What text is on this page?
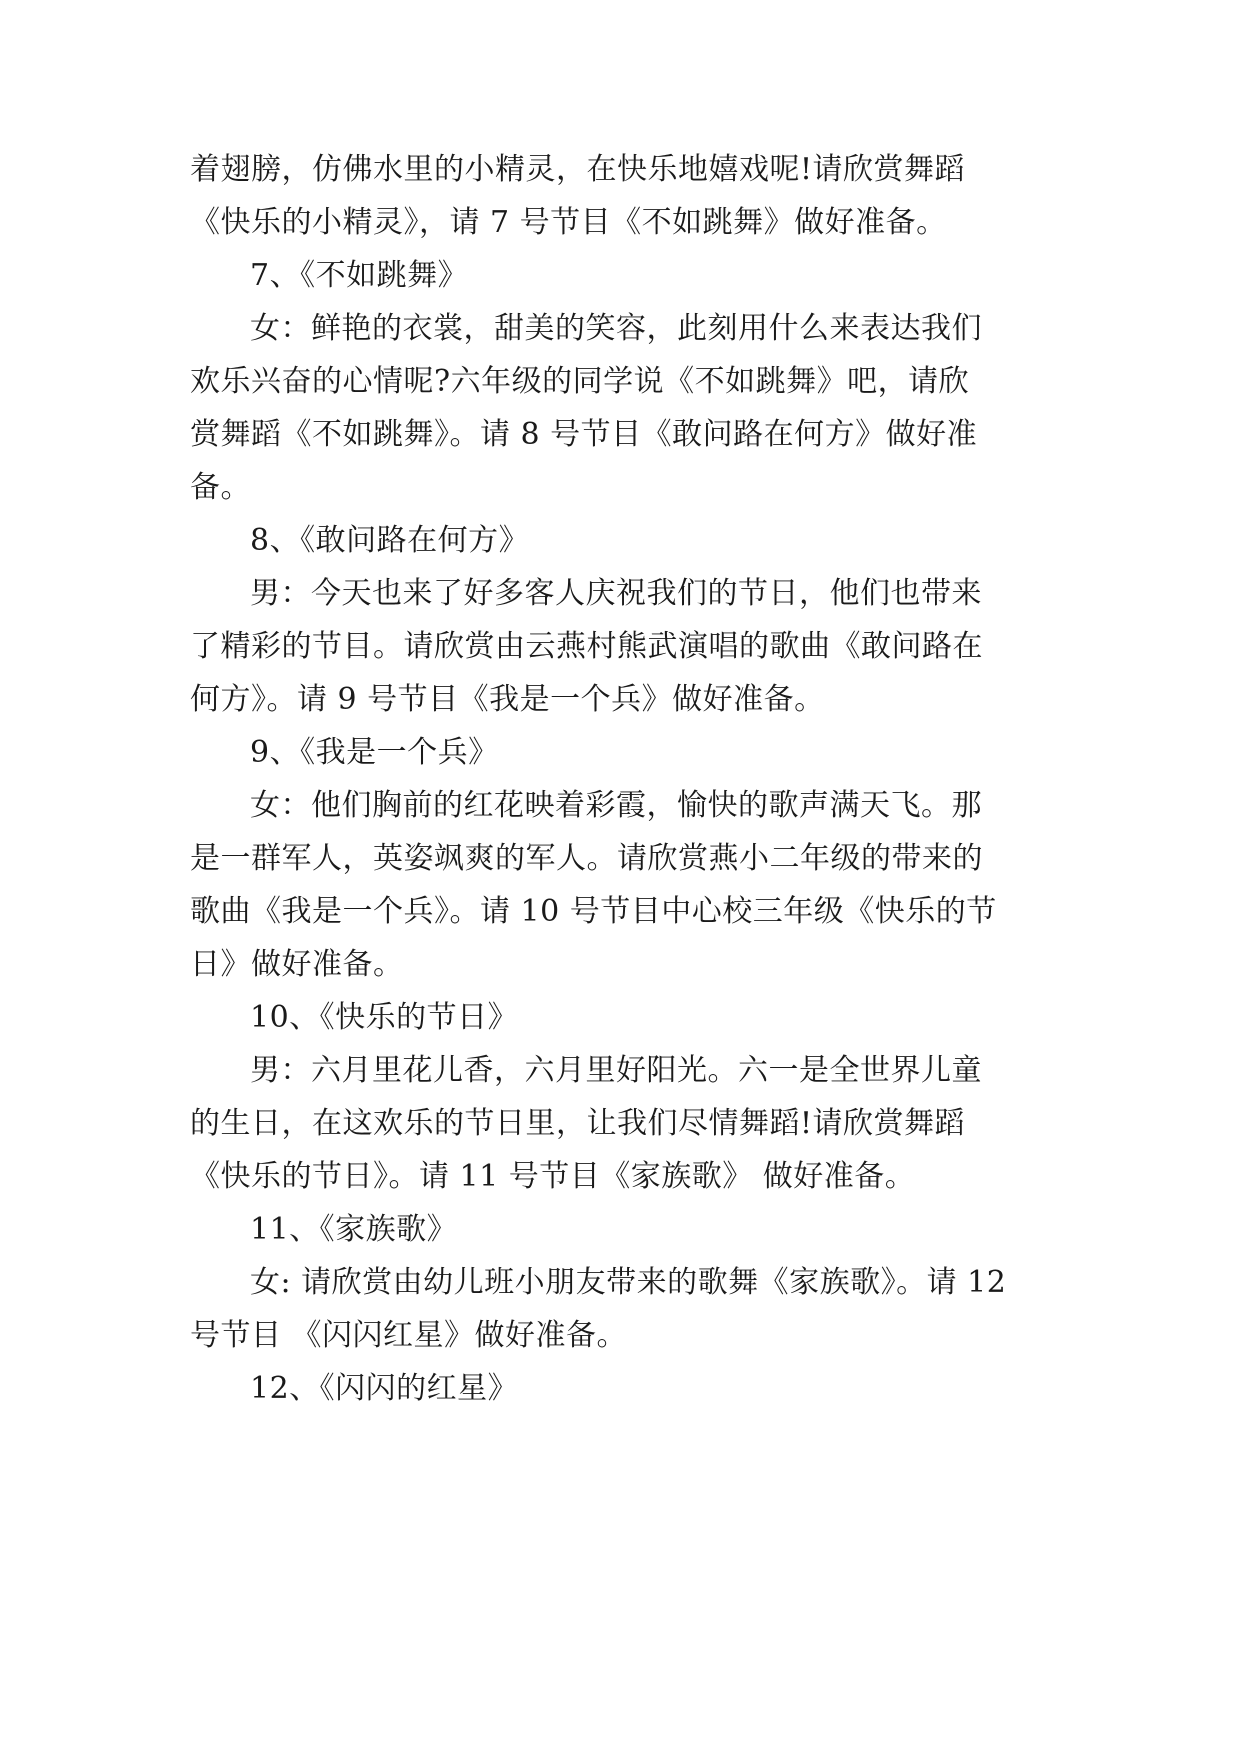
着翅膀，仿佛水里的小精灵，在快乐地嬉戏呢!请欣赏舞蹈
《快乐的小精灵》，请 7 号节目《不如跳舞》做好准备。
7、《不如跳舞》
女：鲜艳的衣裳，甜美的笑容，此刻用什么来表达我们
欢乐兴奋的心情呢?六年级的同学说《不如跳舞》吧，请欣
赏舞蹈《不如跳舞》。请 8 号节目《敢问路在何方》做好准
备。
8、《敢问路在何方》
男：今天也来了好多客人庆祝我们的节日，他们也带来
了精彩的节目。请欣赏由云燕村熊武演唱的歌曲《敢问路在
何方》。请 9 号节目《我是一个兵》做好准备。
9、《我是一个兵》
女：他们胸前的红花映着彩霞，愉快的歌声满天飞。那
是一群军人，英姿飒爽的军人。请欣赏燕小二年级的带来的
歌曲《我是一个兵》。请 10 号节目中心校三年级《快乐的节
日》做好准备。
10、《快乐的节日》
男：六月里花儿香，六月里好阳光。六一是全世界儿童
的生日，在这欢乐的节日里，让我们尽情舞蹈!请欣赏舞蹈
《快乐的节日》。请 11 号节目《家族歌》 做好准备。
11、《家族歌》
女: 请欣赏由幼儿班小朋友带来的歌舞《家族歌》。请 12
号节目 《闪闪红星》做好准备。
12、《闪闪的红星》
